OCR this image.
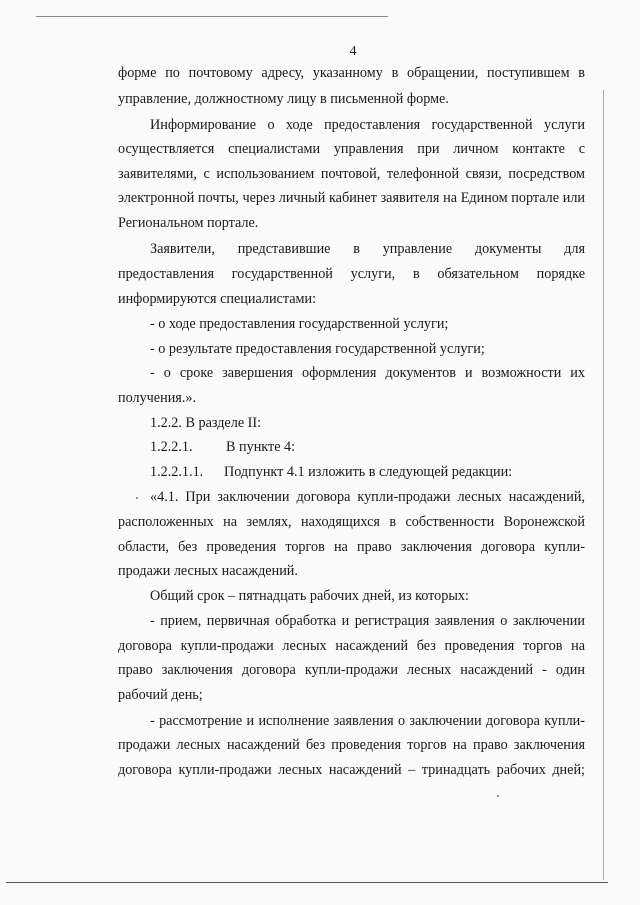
4
форме по почтовому адресу, указанному в обращении, поступившем в
управление, должностному лицу в письменной форме.
Информирование о ходе предоставления государственной услуги
осуществляется специалистами управления при личном контакте с
заявителями, с использованием почтовой, телефонной связи, посредством
электронной почты, через личный кабинет заявителя на Едином портале или
Региональном портале.
Заявители, представившие в управление документы для
предоставления государственной услуги, в обязательном порядке
информируются специалистами:
- о ходе предоставления государственной услуги;
- о результате предоставления государственной услуги;
- о сроке завершения оформления документов и возможности их
получения.».
1.2.2. В разделе II:
1.2.2.1. В пункте 4:
1.2.2.1.1. Подпункт 4.1 изложить в следующей редакции:
«4.1. При заключении договора купли-продажи лесных насаждений,
расположенных на землях, находящихся в собственности Воронежской
области, без проведения торгов на право заключения договора купли-
продажи лесных насаждений.
Общий срок – пятнадцать рабочих дней, из которых:
- прием, первичная обработка и регистрация заявления о заключении
договора купли-продажи лесных насаждений без проведения торгов на
право заключения договора купли-продажи лесных насаждений - один
рабочий день;
- рассмотрение и исполнение заявления о заключении договора купли-
продажи лесных насаждений без проведения торгов на право заключения
договора купли-продажи лесных насаждений – тринадцать рабочих дней;
